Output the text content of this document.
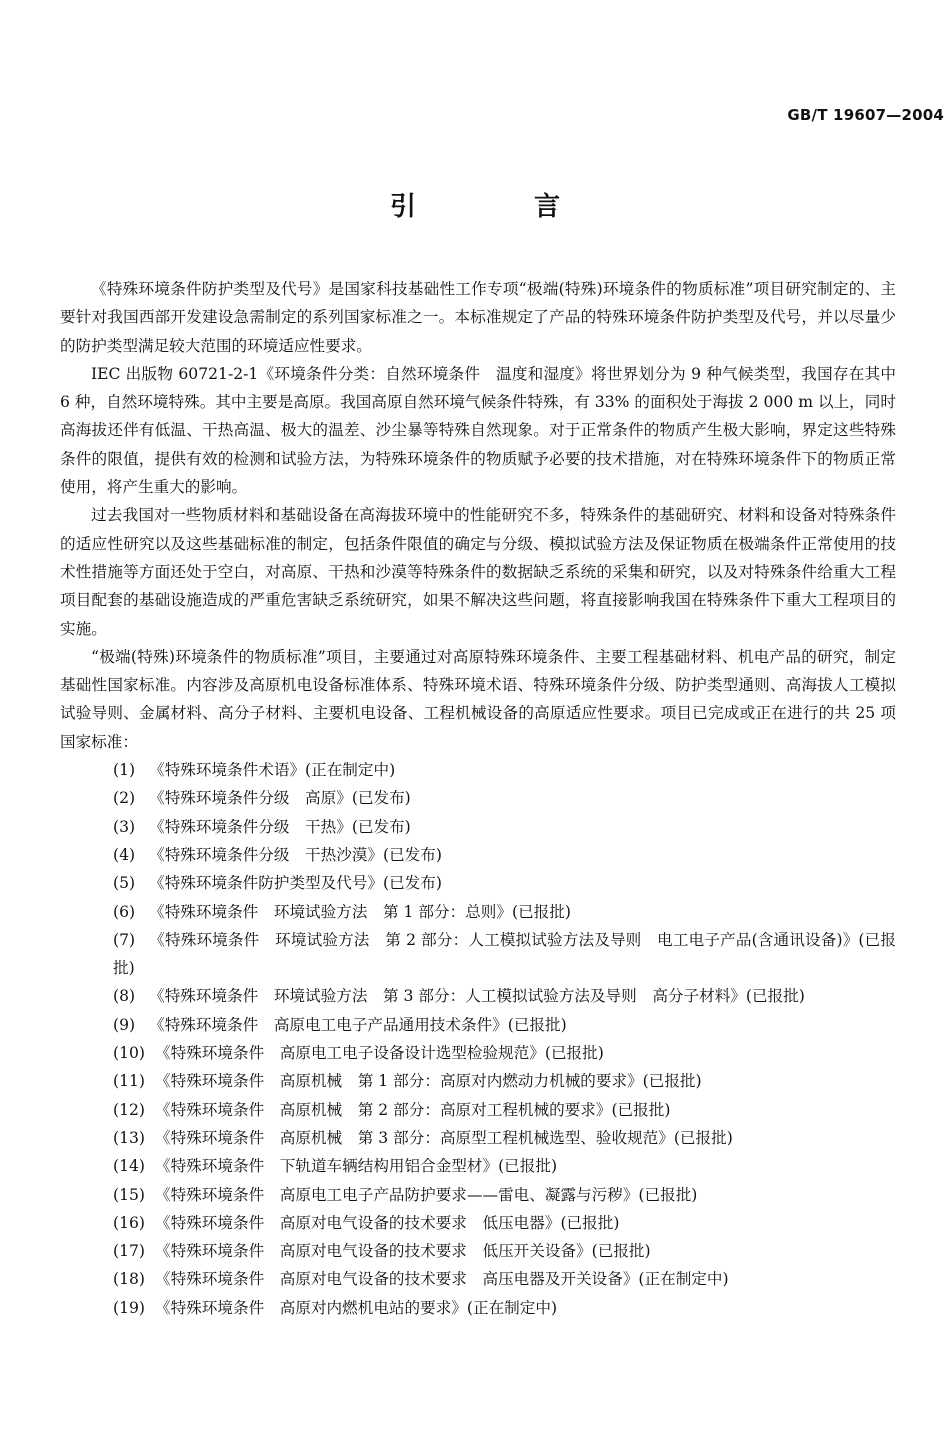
GB/T 19607—2004
引　言

《特殊环境条件防护类型及代号》是国家科技基础性工作专项“极端(特殊)环境条件的物质标准”项目研究制定的、主要针对我国西部开发建设急需制定的系列国家标准之一。本标准规定了产品的特殊环境条件防护类型及代号，并以尽量少的防护类型满足较大范围的环境适应性要求。

IEC 出版物 60721-2-1《环境条件分类：自然环境条件　温度和湿度》将世界划分为 9 种气候类型，我国存在其中 6 种，自然环境特殊。其中主要是高原。我国高原自然环境气候条件特殊，有 33% 的面积处于海拔 2 000 m 以上，同时高海拔还伴有低温、干热高温、极大的温差、沙尘暴等特殊自然现象。对于正常条件的物质产生极大影响，界定这些特殊条件的限值，提供有效的检测和试验方法，为特殊环境条件的物质赋予必要的技术措施，对在特殊环境条件下的物质正常使用，将产生重大的影响。

过去我国对一些物质材料和基础设备在高海拔环境中的性能研究不多，特殊条件的基础研究、材料和设备对特殊条件的适应性研究以及这些基础标准的制定，包括条件限值的确定与分级、模拟试验方法及保证物质在极端条件正常使用的技术性措施等方面还处于空白，对高原、干热和沙漠等特殊条件的数据缺乏系统的采集和研究，以及对特殊条件给重大工程项目配套的基础设施造成的严重危害缺乏系统研究，如果不解决这些问题，将直接影响我国在特殊条件下重大工程项目的实施。

“极端(特殊)环境条件的物质标准”项目，主要通过对高原特殊环境条件、主要工程基础材料、机电产品的研究，制定基础性国家标准。内容涉及高原机电设备标准体系、特殊环境术语、特殊环境条件分级、防护类型通则、高海拔人工模拟试验导则、金属材料、高分子材料、主要机电设备、工程机械设备的高原适应性要求。项目已完成或正在进行的共 25 项国家标准：

(1) 《特殊环境条件术语》(正在制定中)
(2) 《特殊环境条件分级　高原》(已发布)
(3) 《特殊环境条件分级　干热》(已发布)
(4) 《特殊环境条件分级　干热沙漠》(已发布)
(5) 《特殊环境条件防护类型及代号》(已发布)
(6) 《特殊环境条件　环境试验方法　第 1 部分：总则》(已报批)
(7) 《特殊环境条件　环境试验方法　第 2 部分：人工模拟试验方法及导则　电工电子产品(含通讯设备)》(已报批)
(8) 《特殊环境条件　环境试验方法　第 3 部分：人工模拟试验方法及导则　高分子材料》(已报批)
(9) 《特殊环境条件　高原电工电子产品通用技术条件》(已报批)
(10) 《特殊环境条件　高原电工电子设备设计选型检验规范》(已报批)
(11) 《特殊环境条件　高原机械　第 1 部分：高原对内燃动力机械的要求》(已报批)
(12) 《特殊环境条件　高原机械　第 2 部分：高原对工程机械的要求》(已报批)
(13) 《特殊环境条件　高原机械　第 3 部分：高原型工程机械选型、验收规范》(已报批)
(14) 《特殊环境条件　下轨道车辆结构用铝合金型材》(已报批)
(15) 《特殊环境条件　高原电工电子产品防护要求——雷电、凝露与污秽》(已报批)
(16) 《特殊环境条件　高原对电气设备的技术要求　低压电器》(已报批)
(17) 《特殊环境条件　高原对电气设备的技术要求　低压开关设备》(已报批)
(18) 《特殊环境条件　高原对电气设备的技术要求　高压电器及开关设备》(正在制定中)
(19) 《特殊环境条件　高原对内燃机电站的要求》(正在制定中)
